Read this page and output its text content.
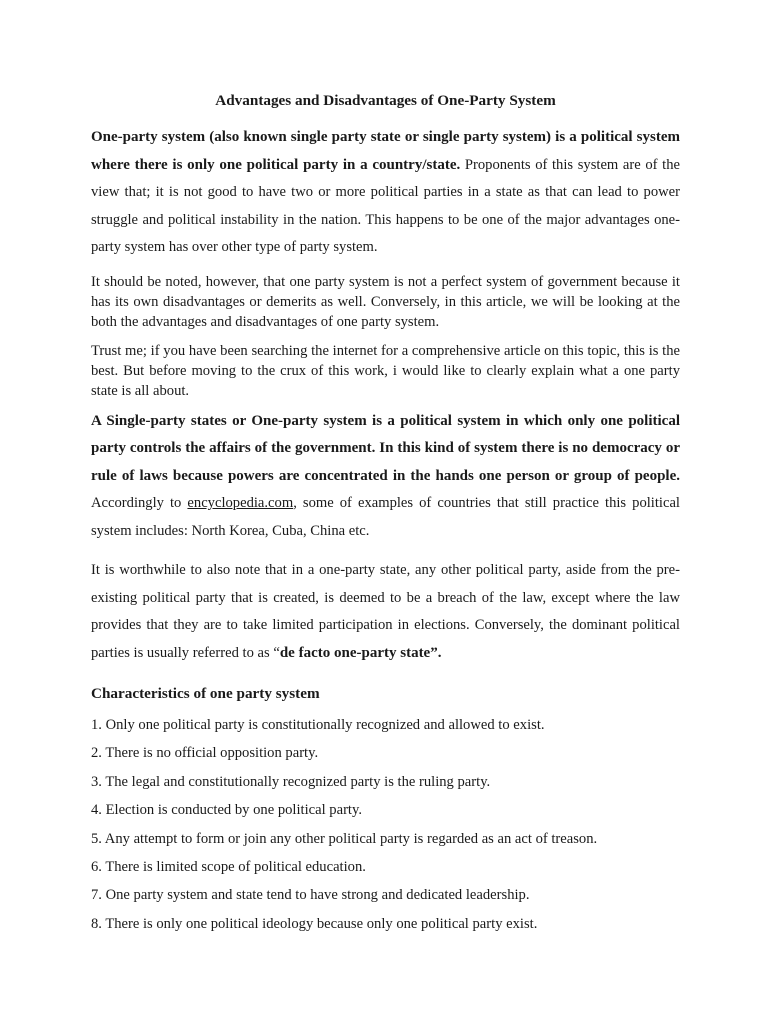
Advantages and Disadvantages of One-Party System

One-party system (also known single party state or single party system) is a political system where there is only one political party in a country/state. Proponents of this system are of the view that; it is not good to have two or more political parties in a state as that can lead to power struggle and political instability in the nation. This happens to be one of the major advantages one-party system has over other type of party system.

It should be noted, however, that one party system is not a perfect system of government because it has its own disadvantages or demerits as well. Conversely, in this article, we will be looking at the both the advantages and disadvantages of one party system.

Trust me; if you have been searching the internet for a comprehensive article on this topic, this is the best. But before moving to the crux of this work, i would like to clearly explain what a one party state is all about.

A Single-party states or One-party system is a political system in which only one political party controls the affairs of the government. In this kind of system there is no democracy or rule of laws because powers are concentrated in the hands one person or group of people. Accordingly to encyclopedia.com, some of examples of countries that still practice this political system includes: North Korea, Cuba, China etc.

It is worthwhile to also note that in a one-party state, any other political party, aside from the pre-existing political party that is created, is deemed to be a breach of the law, except where the law provides that they are to take limited participation in elections. Conversely, the dominant political parties is usually referred to as “de facto one-party state”.

Characteristics of one party system
1. Only one political party is constitutionally recognized and allowed to exist.
2. There is no official opposition party.
3. The legal and constitutionally recognized party is the ruling party.
4. Election is conducted by one political party.
5. Any attempt to form or join any other political party is regarded as an act of treason.
6. There is limited scope of political education.
7. One party system and state tend to have strong and dedicated leadership.
8. There is only one political ideology because only one political party exist.
